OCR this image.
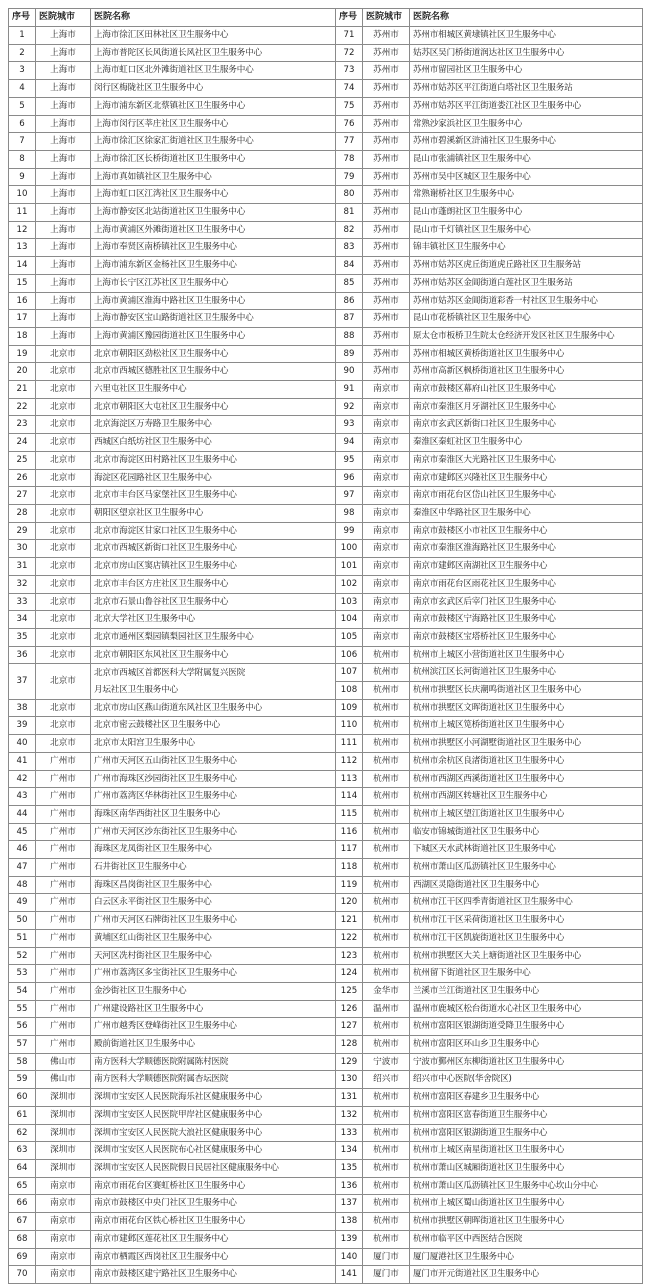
序号	医院城市	医院名称	序号	医院城市	医院名称
1	上海市	上海市徐汇区田林社区卫生服务中心	71	苏州市	苏州市相城区黄埭镇社区卫生服务中心
2	上海市	上海市普陀区长风街道长风社区卫生服务中心	72	苏州市	姑苏区吴门桥街道润达社区卫生服务中心
3	上海市	上海市虹口区北外滩街道社区卫生服务中心	73	苏州市	苏州市留园社区卫生服务中心
4	上海市	闵行区梅陇社区卫生服务中心	74	苏州市	苏州市姑苏区平江街道白塔社区卫生服务站
5	上海市	上海市浦东新区北蔡镇社区卫生服务中心	75	苏州市	苏州市姑苏区平江街道娄江社区卫生服务中心
6	上海市	上海市闵行区莘庄社区卫生服务中心	76	苏州市	常熟沙家浜社区卫生服务中心
7	上海市	上海市徐汇区徐家汇街道社区卫生服务中心	77	苏州市	苏州市碧溪新区浒浦社区卫生服务中心
8	上海市	上海市徐汇区长桥街道社区卫生服务中心	78	苏州市	昆山市张浦镇社区卫生服务中心
9	上海市	上海市真如镇社区卫生服务中心	79	苏州市	苏州市吴中区城区卫生服务中心
10	上海市	上海市虹口区江湾社区卫生服务中心	80	苏州市	常熟谢桥社区卫生服务中心
11	上海市	上海市静安区北站街道社区卫生服务中心	81	苏州市	昆山市蓬朗社区卫生服务中心
12	上海市	上海市黄浦区外滩街道社区卫生服务中心	82	苏州市	昆山市千灯镇社区卫生服务中心
13	上海市	上海市奉贤区南桥镇社区卫生服务中心	83	苏州市	锦丰镇社区卫生服务中心
14	上海市	上海市浦东新区金杨社区卫生服务中心	84	苏州市	苏州市姑苏区虎丘街道虎丘路社区卫生服务站
15	上海市	上海市长宁区江苏社区卫生服务中心	85	苏州市	苏州市姑苏区金阊街道白莲社区卫生服务站
16	上海市	上海市黄浦区淮海中路社区卫生服务中心	86	苏州市	苏州市姑苏区金阊街道彩香一村社区卫生服务中心
17	上海市	上海市静安区宝山路街道社区卫生服务中心	87	苏州市	昆山市花桥镇社区卫生服务中心
18	上海市	上海市黄浦区豫园街道社区卫生服务中心	88	苏州市	原太仓市板桥卫生院太仓经济开发区社区卫生服务中心
19	北京市	北京市朝阳区劲松社区卫生服务中心	89	苏州市	苏州市相城区黄桥街道社区卫生服务中心
20	北京市	北京市西城区德胜社区卫生服务中心	90	苏州市	苏州市高新区枫桥街道社区卫生服务中心
21	北京市	六里屯社区卫生服务中心	91	南京市	南京市鼓楼区幕府山社区卫生服务中心
22	北京市	北京市朝阳区大屯社区卫生服务中心	92	南京市	南京市秦淮区月牙湖社区卫生服务中心
23	北京市	北京海淀区万寿路卫生服务中心	93	南京市	南京市玄武区新街口社区卫生服务中心
24	北京市	西城区白纸坊社区卫生服务中心	94	南京市	秦淮区秦虹社区卫生服务中心
25	北京市	北京市海淀区田村路社区卫生服务中心	95	南京市	南京市秦淮区大光路社区卫生服务中心
26	北京市	海淀区花园路社区卫生服务中心	96	南京市	南京市建邺区兴隆社区卫生服务中心
27	北京市	北京市丰台区马家堡社区卫生服务中心	97	南京市	南京市雨花台区岱山社区卫生服务中心
28	北京市	朝阳区望京社区卫生服务中心	98	南京市	秦淮区中华路社区卫生服务中心
29	北京市	北京市海淀区甘家口社区卫生服务中心	99	南京市	南京市鼓楼区小市社区卫生服务中心
30	北京市	北京市西城区新街口社区卫生服务中心	100	南京市	南京市秦淮区淮海路社区卫生服务中心
31	北京市	北京市房山区窦店镇社区卫生服务中心	101	南京市	南京市建邺区南湖社区卫生服务中心
32	北京市	北京市丰台区方庄社区卫生服务中心	102	南京市	南京市雨花台区雨花社区卫生服务中心
33	北京市	北京市石景山鲁谷社区卫生服务中心	103	南京市	南京市玄武区后宰门社区卫生服务中心
34	北京市	北京大学社区卫生服务中心	104	南京市	南京市鼓楼区宁海路社区卫生服务中心
35	北京市	北京市通州区梨园镇梨园社区卫生服务中心	105	南京市	南京市鼓楼区宝塔桥社区卫生服务中心
36	北京市	北京市朝阳区东风社区卫生服务中心	106	杭州市	杭州市上城区小营街道社区卫生服务中心
37	北京市	北京市西城区首都医科大学附属复兴医院
月坛社区卫生服务中心	107	杭州市	杭州滨江区长河街道社区卫生服务中心
			108	杭州市	杭州市拱墅区长庆潮鸣街道社区卫生服务中心
38	北京市	北京市房山区燕山街道东风社区卫生服务中心	109	杭州市	杭州市拱墅区文晖街道社区卫生服务中心
39	北京市	北京市密云鼓楼社区卫生服务中心	110	杭州市	杭州市上城区笕桥街道社区卫生服务中心
40	北京市	北京市太阳宫卫生服务中心	111	杭州市	杭州市拱墅区小河湖墅街道社区卫生服务中心
41	广州市	广州市天河区五山街社区卫生服务中心	112	杭州市	杭州市余杭区良渚街道社区卫生服务中心
42	广州市	广州市海珠区沙园街社区卫生服务中心	113	杭州市	杭州市西湖区西溪街道社区卫生服务中心
43	广州市	广州市荔湾区华林街社区卫生服务中心	114	杭州市	杭州市西湖区转塘社区卫生服务中心
44	广州市	海珠区南华西街社区卫生服务中心	115	杭州市	杭州市上城区望江街道社区卫生服务中心
45	广州市	广州市天河区沙东街社区卫生服务中心	116	杭州市	临安市锦城街道社区卫生服务中心
46	广州市	海珠区龙凤街社区卫生服务中心	117	杭州市	下城区天水武林街道社区卫生服务中心
47	广州市	石井街社区卫生服务中心	118	杭州市	杭州市萧山区瓜沥镇社区卫生服务中心
48	广州市	海珠区昌岗街社区卫生服务中心	119	杭州市	西湖区灵隐街道社区卫生服务中心
49	广州市	白云区永平街社区卫生服务中心	120	杭州市	杭州市江干区四季青街道社区卫生服务中心
50	广州市	广州市天河区石牌街社区卫生服务中心	121	杭州市	杭州市江干区采荷街道社区卫生服务中心
51	广州市	黄埔区红山街社区卫生服务中心	122	杭州市	杭州市江干区凯旋街道社区卫生服务中心
52	广州市	天河区冼村街社区卫生服务中心	123	杭州市	杭州市拱墅区大关上塘街道社区卫生服务中心
53	广州市	广州市荔湾区多宝街社区卫生服务中心	124	杭州市	杭州留下街道社区卫生服务中心
54	广州市	金沙街社区卫生服务中心	125	金华市	兰溪市兰江街道社区卫生服务中心
55	广州市	广州建设路社区卫生服务中心	126	温州市	温州市鹿城区松台街道水心社区卫生服务中心
56	广州市	广州市越秀区登峰街社区卫生服务中心	127	杭州市	杭州市富阳区银湖街道受降卫生服务中心
57	广州市	殿前街道社区卫生服务中心	128	杭州市	杭州市富阳区环山乡卫生服务中心
58	佛山市	南方医科大学顺德医院附属陈村医院	129	宁波市	宁波市鄞州区东柳街道社区卫生服务中心
59	佛山市	南方医科大学顺德医院附属杏坛医院	130	绍兴市	绍兴市中心医院(华舍院区)
60	深圳市	深圳市宝安区人民医院海乐社区健康服务中心	131	杭州市	杭州市富阳区春建乡卫生服务中心
61	深圳市	深圳市宝安区人民医院甲岸社区健康服务中心	132	杭州市	杭州市富阳区富春街道卫生服务中心
62	深圳市	深圳市宝安区人民医院大浪社区健康服务中心	133	杭州市	杭州市富阳区银湖街道卫生服务中心
63	深圳市	深圳市宝安区人民医院布心社区健康服务中心	134	杭州市	杭州市上城区南星街道社区卫生服务中心
64	深圳市	深圳市宝安区人民医院假日民居社区健康服务中心	135	杭州市	杭州市萧山区城厢街道社区卫生服务中心
65	南京市	南京市雨花台区赛虹桥社区卫生服务中心	136	杭州市	杭州市萧山区瓜沥镇社区卫生服务中心坎山分中心
66	南京市	南京市鼓楼区中央门社区卫生服务中心	137	杭州市	杭州市上城区蜀山街道社区卫生服务中心
67	南京市	南京市雨花台区铁心桥社区卫生服务中心	138	杭州市	杭州市拱墅区朝晖街道社区卫生服务中心
68	南京市	南京市建邺区莲花社区卫生服务中心	139	杭州市	杭州市临平区中西医结合医院
69	南京市	南京市栖霞区西岗社区卫生服务中心	140	厦门市	厦门厦港社区卫生服务中心
70	南京市	南京市鼓楼区建宁路社区卫生服务中心	141	厦门市	厦门市开元街道社区卫生服务中心
